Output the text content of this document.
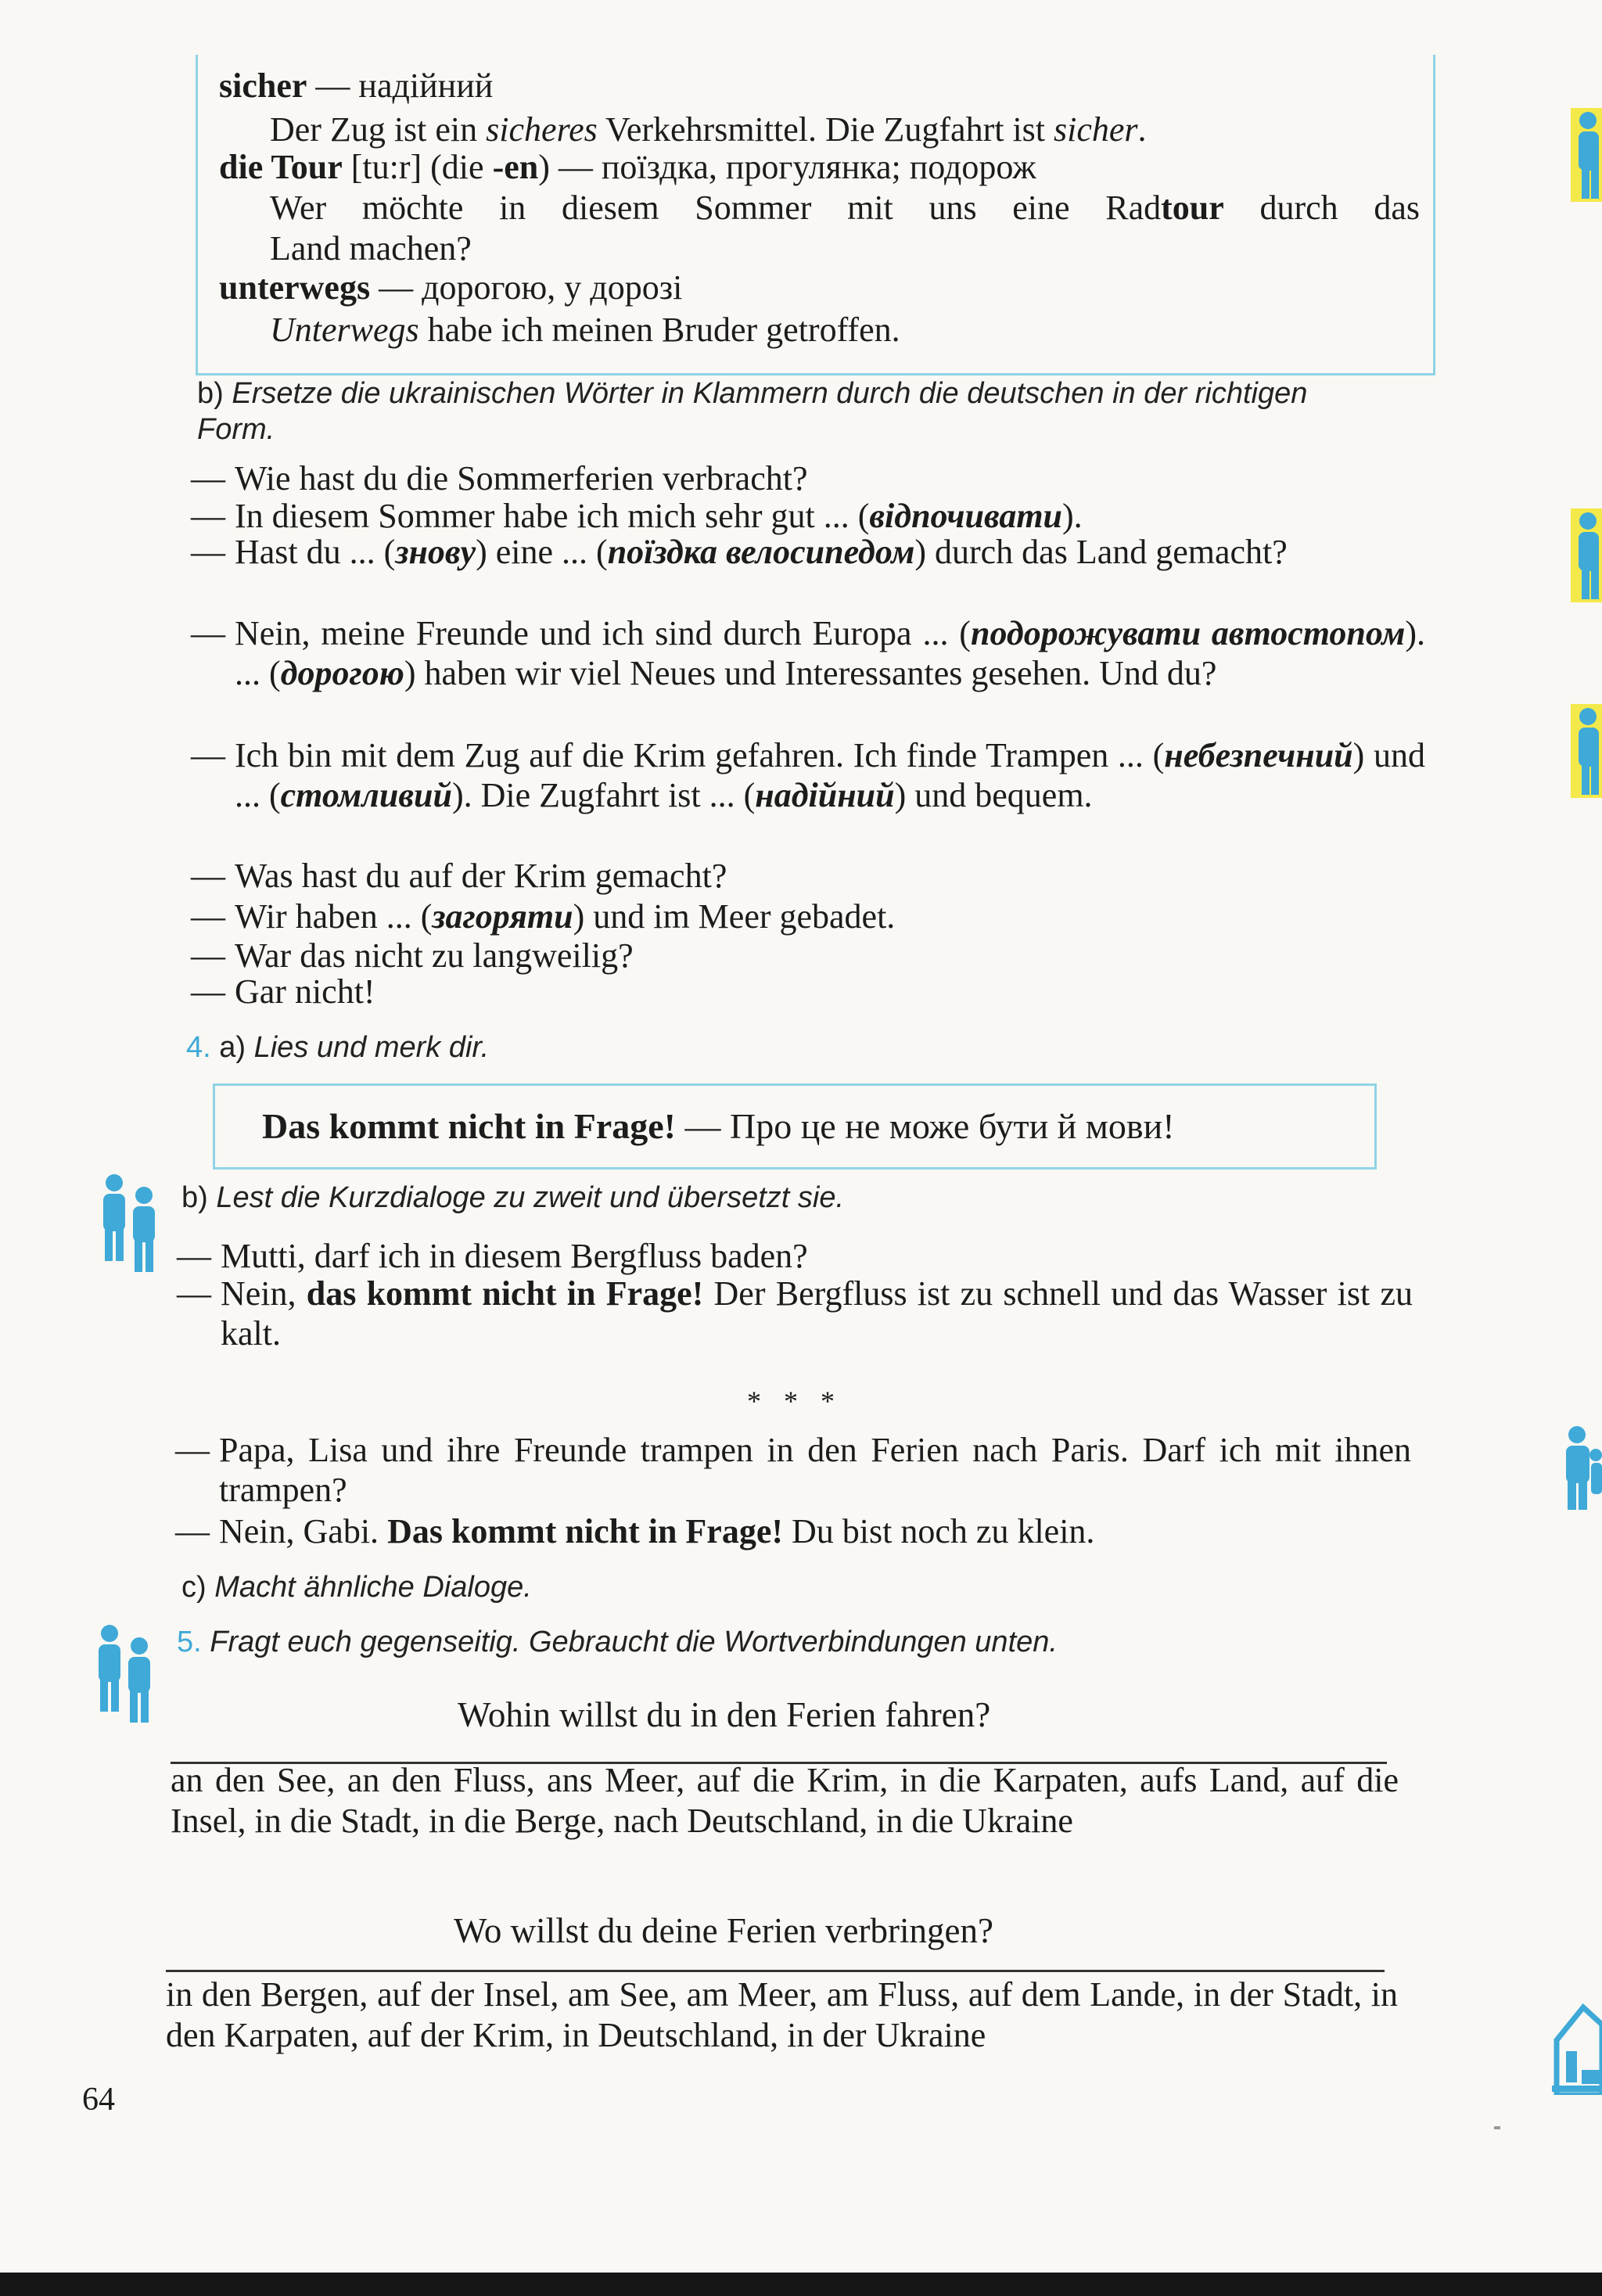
sicher — надійний
Der Zug ist ein sicheres Verkehrsmittel. Die Zugfahrt ist sicher.
die Tour [tu:r] (die -en) — поїздка, прогулянка; подорож
Wer möchte in diesem Sommer mit uns eine Radtour durch das
Land machen?
unterwegs — дорогою, у дорозі
Unterwegs habe ich meinen Bruder getroffen.
b) Ersetze die ukrainischen Wörter in Klammern durch die deutschen in der richtigen
Form.
— Wie hast du die Sommerferien verbracht?
— In diesem Sommer habe ich mich sehr gut ... (відпочивати).
— Hast du ... (знову) eine ... (поїздка велосипедом) durch das Land gemacht?
— Nein, meine Freunde und ich sind durch Europa ... (подорожувати автостопом). ... (дорогою) haben wir viel Neues und Interessantes gesehen. Und du?
— Ich bin mit dem Zug auf die Krim gefahren. Ich finde Trampen ... (небезпечний) und ... (стомливий). Die Zugfahrt ist ... (надійний) und bequem.
— Was hast du auf der Krim gemacht?
— Wir haben ... (загоряти) und im Meer gebadet.
— War das nicht zu langweilig?
— Gar nicht!
4. a) Lies und merk dir.
Das kommt nicht in Frage! — Про це не може бути й мови!
b) Lest die Kurzdialoge zu zweit und übersetzt sie.
— Mutti, darf ich in diesem Bergfluss baden?
— Nein, das kommt nicht in Frage! Der Bergfluss ist zu schnell und das Wasser ist zu kalt.
* * *
— Papa, Lisa und ihre Freunde trampen in den Ferien nach Paris. Darf ich mit ihnen trampen?
— Nein, Gabi. Das kommt nicht in Frage! Du bist noch zu klein.
c) Macht ähnliche Dialoge.
5. Fragt euch gegenseitig. Gebraucht die Wortverbindungen unten.
Wohin willst du in den Ferien fahren?
an den See, an den Fluss, ans Meer, auf die Krim, in die Karpaten, aufs Land, auf die Insel, in die Stadt, in die Berge, nach Deutschland, in die Ukraine
Wo willst du deine Ferien verbringen?
in den Bergen, auf der Insel, am See, am Meer, am Fluss, auf dem Lande, in der Stadt, in den Karpaten, auf der Krim, in Deutschland, in der Ukraine
64
